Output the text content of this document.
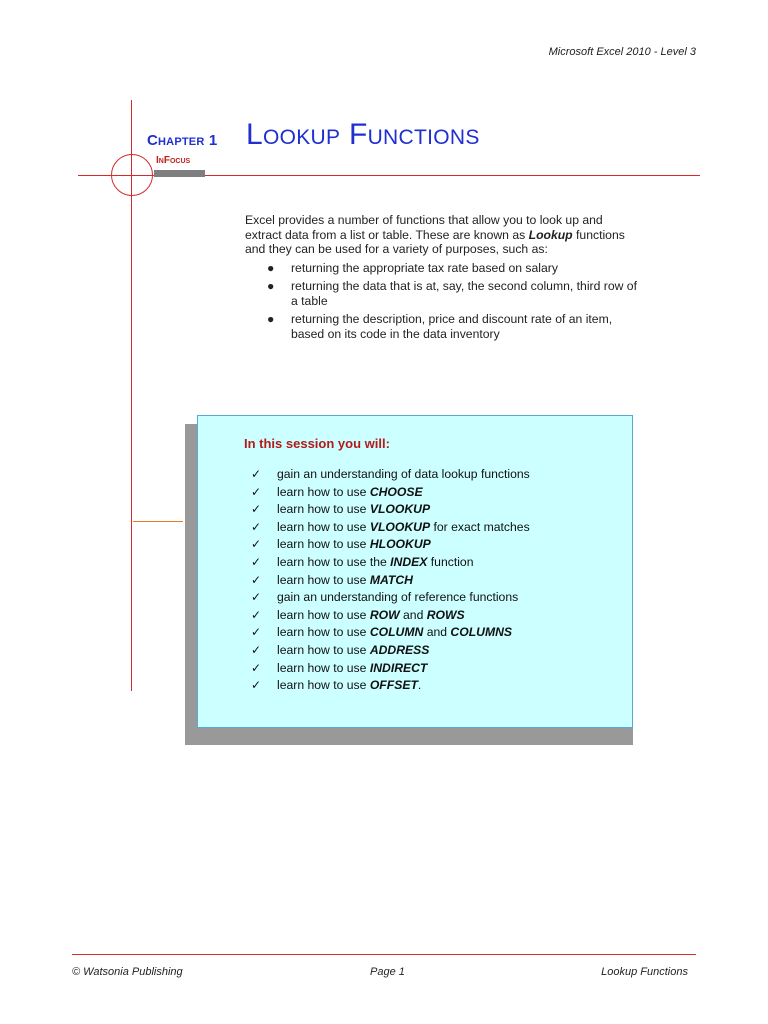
Microsoft Excel 2010 - Level 3
Chapter 1
InFocus
Lookup Functions

Excel provides a number of functions that allow you to look up and extract data from a list or table. These are known as Lookup functions and they can be used for a variety of purposes, such as:

● returning the appropriate tax rate based on salary
● returning the data that is at, say, the second column, third row of a table
● returning the description, price and discount rate of an item, based on its code in the data inventory
In this session you will:
✓ gain an understanding of data lookup functions
✓ learn how to use CHOOSE
✓ learn how to use VLOOKUP
✓ learn how to use VLOOKUP for exact matches
✓ learn how to use HLOOKUP
✓ learn how to use the INDEX function
✓ learn how to use MATCH
✓ gain an understanding of reference functions
✓ learn how to use ROW and ROWS
✓ learn how to use COLUMN and COLUMNS
✓ learn how to use ADDRESS
✓ learn how to use INDIRECT
✓ learn how to use OFFSET.
© Watsonia Publishing	Page 1	Lookup Functions
